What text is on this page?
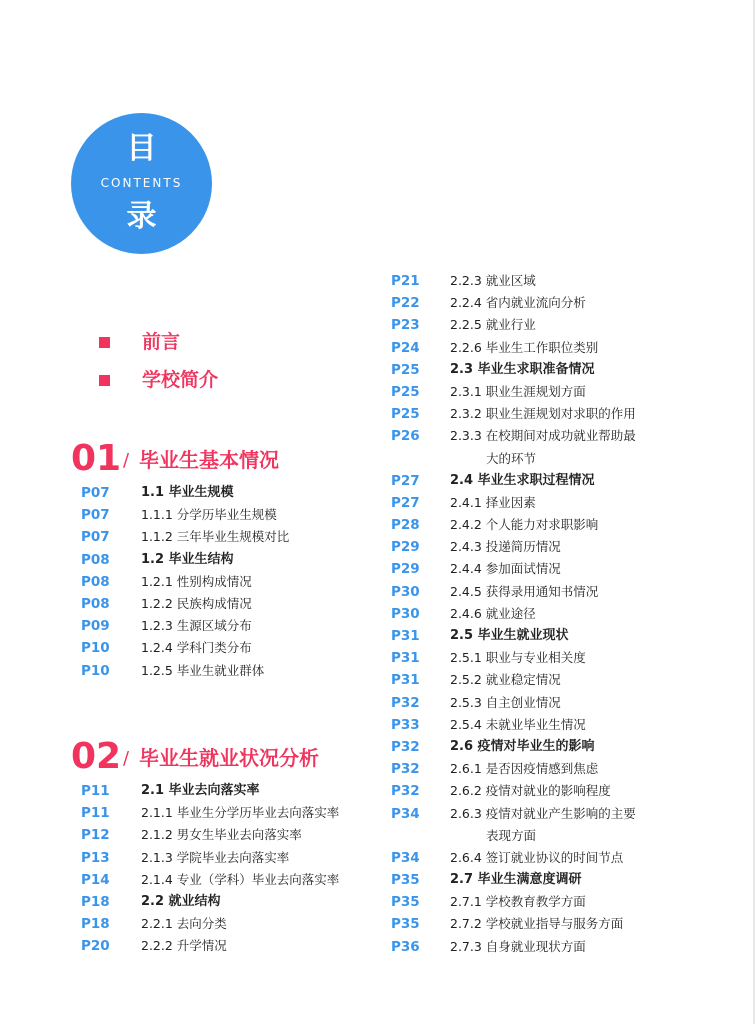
目
CONTENTS
录
前言
学校简介
01 / 毕业生基本情况
P07 1.1 毕业生规模
P07	1.1.1 分学历毕业生规模
P07	1.1.2 三年毕业生规模对比
P08 1.2 毕业生结构
P08	1.2.1 性别构成情况
P08	1.2.2 民族构成情况
P09	1.2.3 生源区域分布
P10	1.2.4 学科门类分布
P10	1.2.5 毕业生就业群体
02 / 毕业生就业状况分析
P11 2.1 毕业去向落实率
P11	2.1.1 毕业生分学历毕业去向落实率
P12	2.1.2 男女生毕业去向落实率
P13	2.1.3 学院毕业去向落实率
P14	2.1.4 专业（学科）毕业去向落实率
P18 2.2 就业结构
P18	2.2.1 去向分类
P20	2.2.2 升学情况
P21 2.2.3 就业区域
P22 2.2.4 省内就业流向分析
P23 2.2.5 就业行业
P24 2.2.6 毕业生工作职位类别
P25 2.3 毕业生求职准备情况
P25 2.3.1 职业生涯规划方面
P25 2.3.2 职业生涯规划对求职的作用
P26 2.3.3 在校期间对成功就业帮助最
大的环节
P27 2.4 毕业生求职过程情况
P27 2.4.1 择业因素
P28 2.4.2 个人能力对求职影响
P29 2.4.3 投递简历情况
P29 2.4.4 参加面试情况
P30 2.4.5 获得录用通知书情况
P30 2.4.6 就业途径
P31 2.5 毕业生就业现状
P31 2.5.1 职业与专业相关度
P31 2.5.2 就业稳定情况
P32 2.5.3 自主创业情况
P33 2.5.4 未就业毕业生情况
P32 2.6 疫情对毕业生的影响
P32 2.6.1 是否因疫情感到焦虑
P32 2.6.2 疫情对就业的影响程度
P34 2.6.3 疫情对就业产生影响的主要
表现方面
P34 2.6.4 签订就业协议的时间节点
P35 2.7 毕业生满意度调研
P35 2.7.1 学校教育教学方面
P35 2.7.2 学校就业指导与服务方面
P36 2.7.3 自身就业现状方面
